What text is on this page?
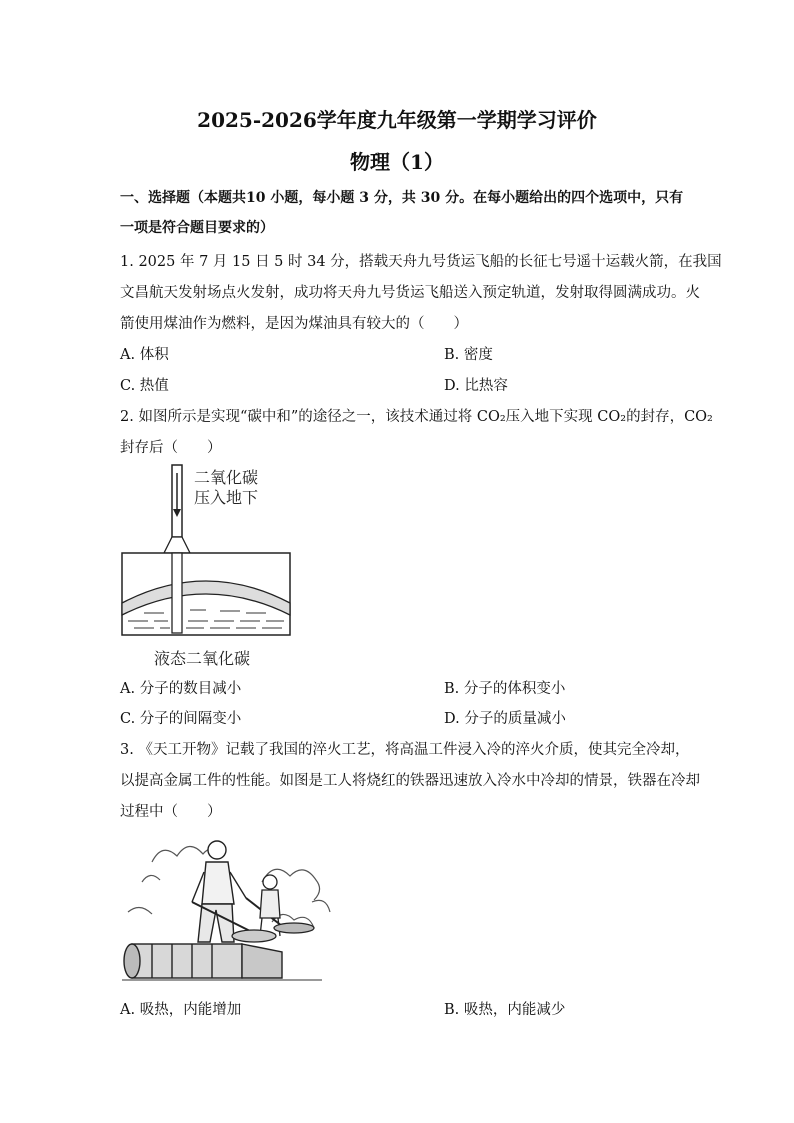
2025-2026学年度九年级第一学期学习评价
物理（1）
一、选择题（本题共10 小题，每小题 3 分，共 30 分。在每小题给出的四个选项中，只有
一项是符合题目要求的）
1. 2025 年 7 月 15 日 5 时 34 分，搭载天舟九号货运飞船的长征七号遥十运载火箭，在我国
文昌航天发射场点火发射，成功将天舟九号货运飞船送入预定轨道，发射取得圆满成功。火
箭使用煤油作为燃料，是因为煤油具有较大的（　　）
A. 体积	B. 密度
C. 热值	D. 比热容
2. 如图所示是实现“碳中和”的途径之一，该技术通过将 CO₂压入地下实现 CO₂的封存，CO₂
封存后（　　）
二氧化碳
压入地下
液态二氧化碳
A. 分子的数目减小	B. 分子的体积变小
C. 分子的间隔变小	D. 分子的质量减小
3. 《天工开物》记载了我国的淬火工艺，将高温工件浸入冷的淬火介质，使其完全冷却，
以提高金属工件的性能。如图是工人将烧红的铁器迅速放入冷水中冷却的情景，铁器在冷却
过程中（　　）
A. 吸热，内能增加	B. 吸热，内能减少
